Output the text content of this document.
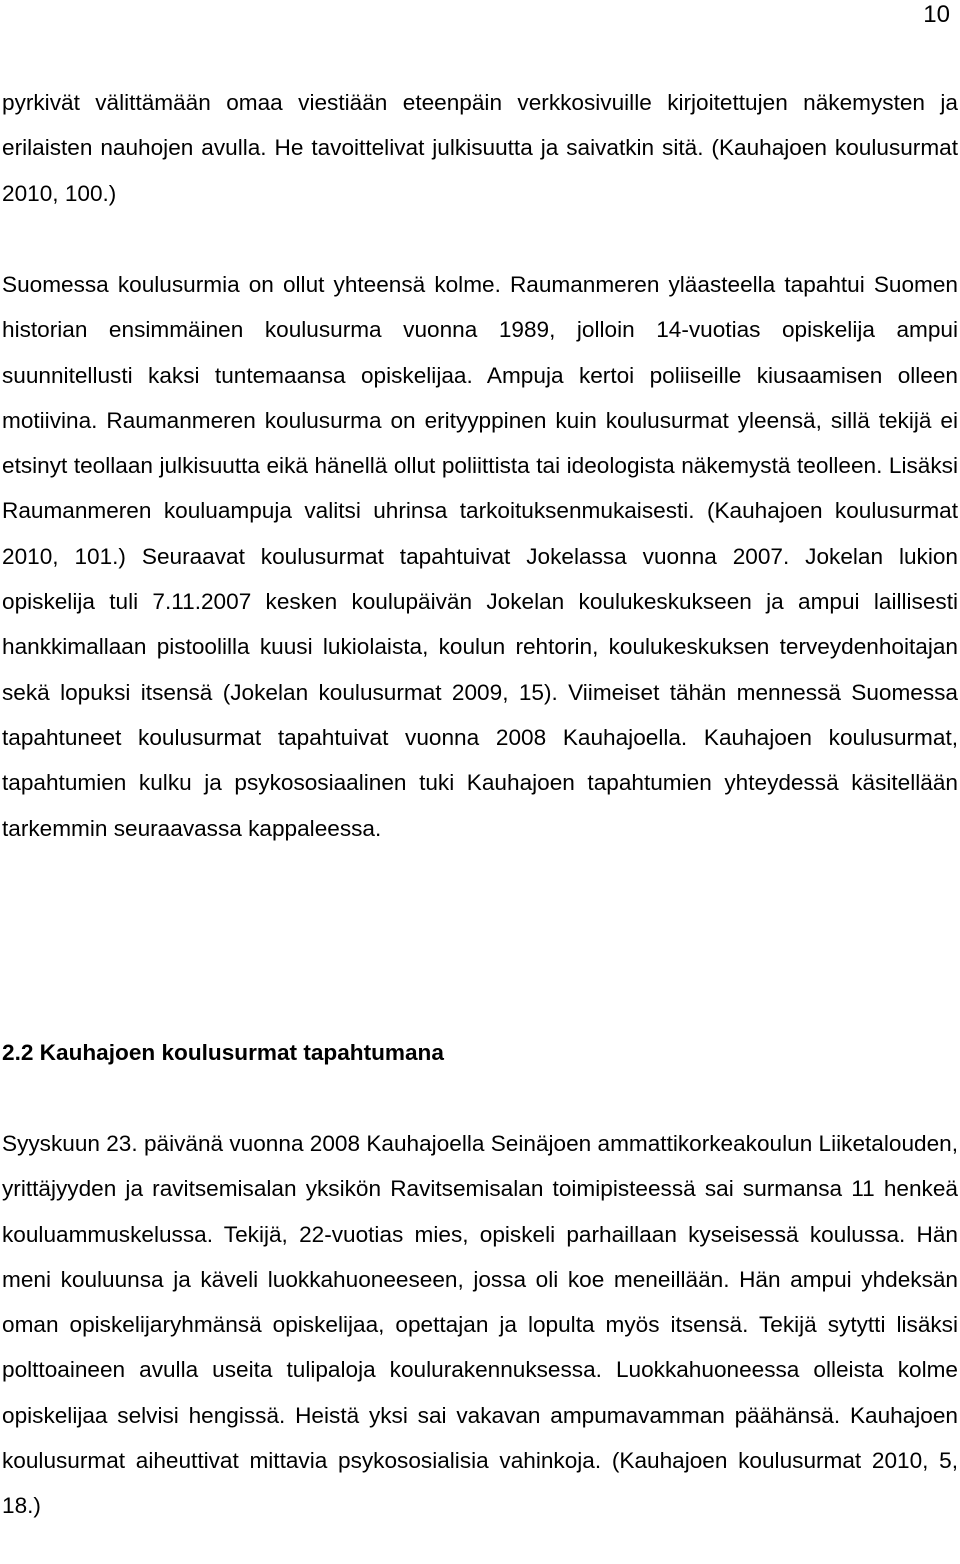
10

pyrkivät välittämään omaa viestiään eteenpäin verkkosivuille kirjoitettujen näkemysten ja erilaisten nauhojen avulla. He tavoittelivat julkisuutta ja saivatkin sitä. (Kauhajoen koulusurmat 2010, 100.)

Suomessa koulusurmia on ollut yhteensä kolme. Raumanmeren yläasteella tapahtui Suomen historian ensimmäinen koulusurma vuonna 1989, jolloin 14-vuotias opiskelija ampui suunnitellusti kaksi tuntemaansa opiskelijaa. Ampuja kertoi poliiseille kiusaamisen olleen motiivina. Raumanmeren koulusurma on erityyppinen kuin koulusurmat yleensä, sillä tekijä ei etsinyt teollaan julkisuutta eikä hänellä ollut poliittista tai ideologista näkemystä teolleen. Lisäksi Raumanmeren kouluampuja valitsi uhrinsa tarkoituksenmukaisesti. (Kauhajoen koulusurmat 2010, 101.) Seuraavat koulusurmat tapahtuivat Jokelassa vuonna 2007. Jokelan lukion opiskelija tuli 7.11.2007 kesken koulupäivän Jokelan koulukeskukseen ja ampui laillisesti hankkimallaan pistoolilla kuusi lukiolaista, koulun rehtorin, koulukeskuksen terveydenhoitajan sekä lopuksi itsensä (Jokelan koulusurmat 2009, 15). Viimeiset tähän mennessä Suomessa tapahtuneet koulusurmat tapahtuivat vuonna 2008 Kauhajoella. Kauhajoen koulusurmat, tapahtumien kulku ja psykososiaalinen tuki Kauhajoen tapahtumien yhteydessä käsitellään tarkemmin seuraavassa kappaleessa.

2.2 Kauhajoen koulusurmat tapahtumana

Syyskuun 23. päivänä vuonna 2008 Kauhajoella Seinäjoen ammattikorkeakoulun Liiketalouden, yrittäjyyden ja ravitsemisalan yksikön Ravitsemisalan toimipisteessä sai surmansa 11 henkeä kouluammuskelussa. Tekijä, 22-vuotias mies, opiskeli parhaillaan kyseisessä koulussa. Hän meni kouluunsa ja käveli luokkahuoneeseen, jossa oli koe meneillään. Hän ampui yhdeksän oman opiskelijaryhmänsä opiskelijaa, opettajan ja lopulta myös itsensä. Tekijä sytytti lisäksi polttoaineen avulla useita tulipaloja koulurakennuksessa. Luokkahuoneessa olleista kolme opiskelijaa selvisi hengissä. Heistä yksi sai vakavan ampumavamman päähänsä. Kauhajoen koulusurmat aiheuttivat mittavia psykososialisia vahinkoja. (Kauhajoen koulusurmat 2010, 5, 18.)
